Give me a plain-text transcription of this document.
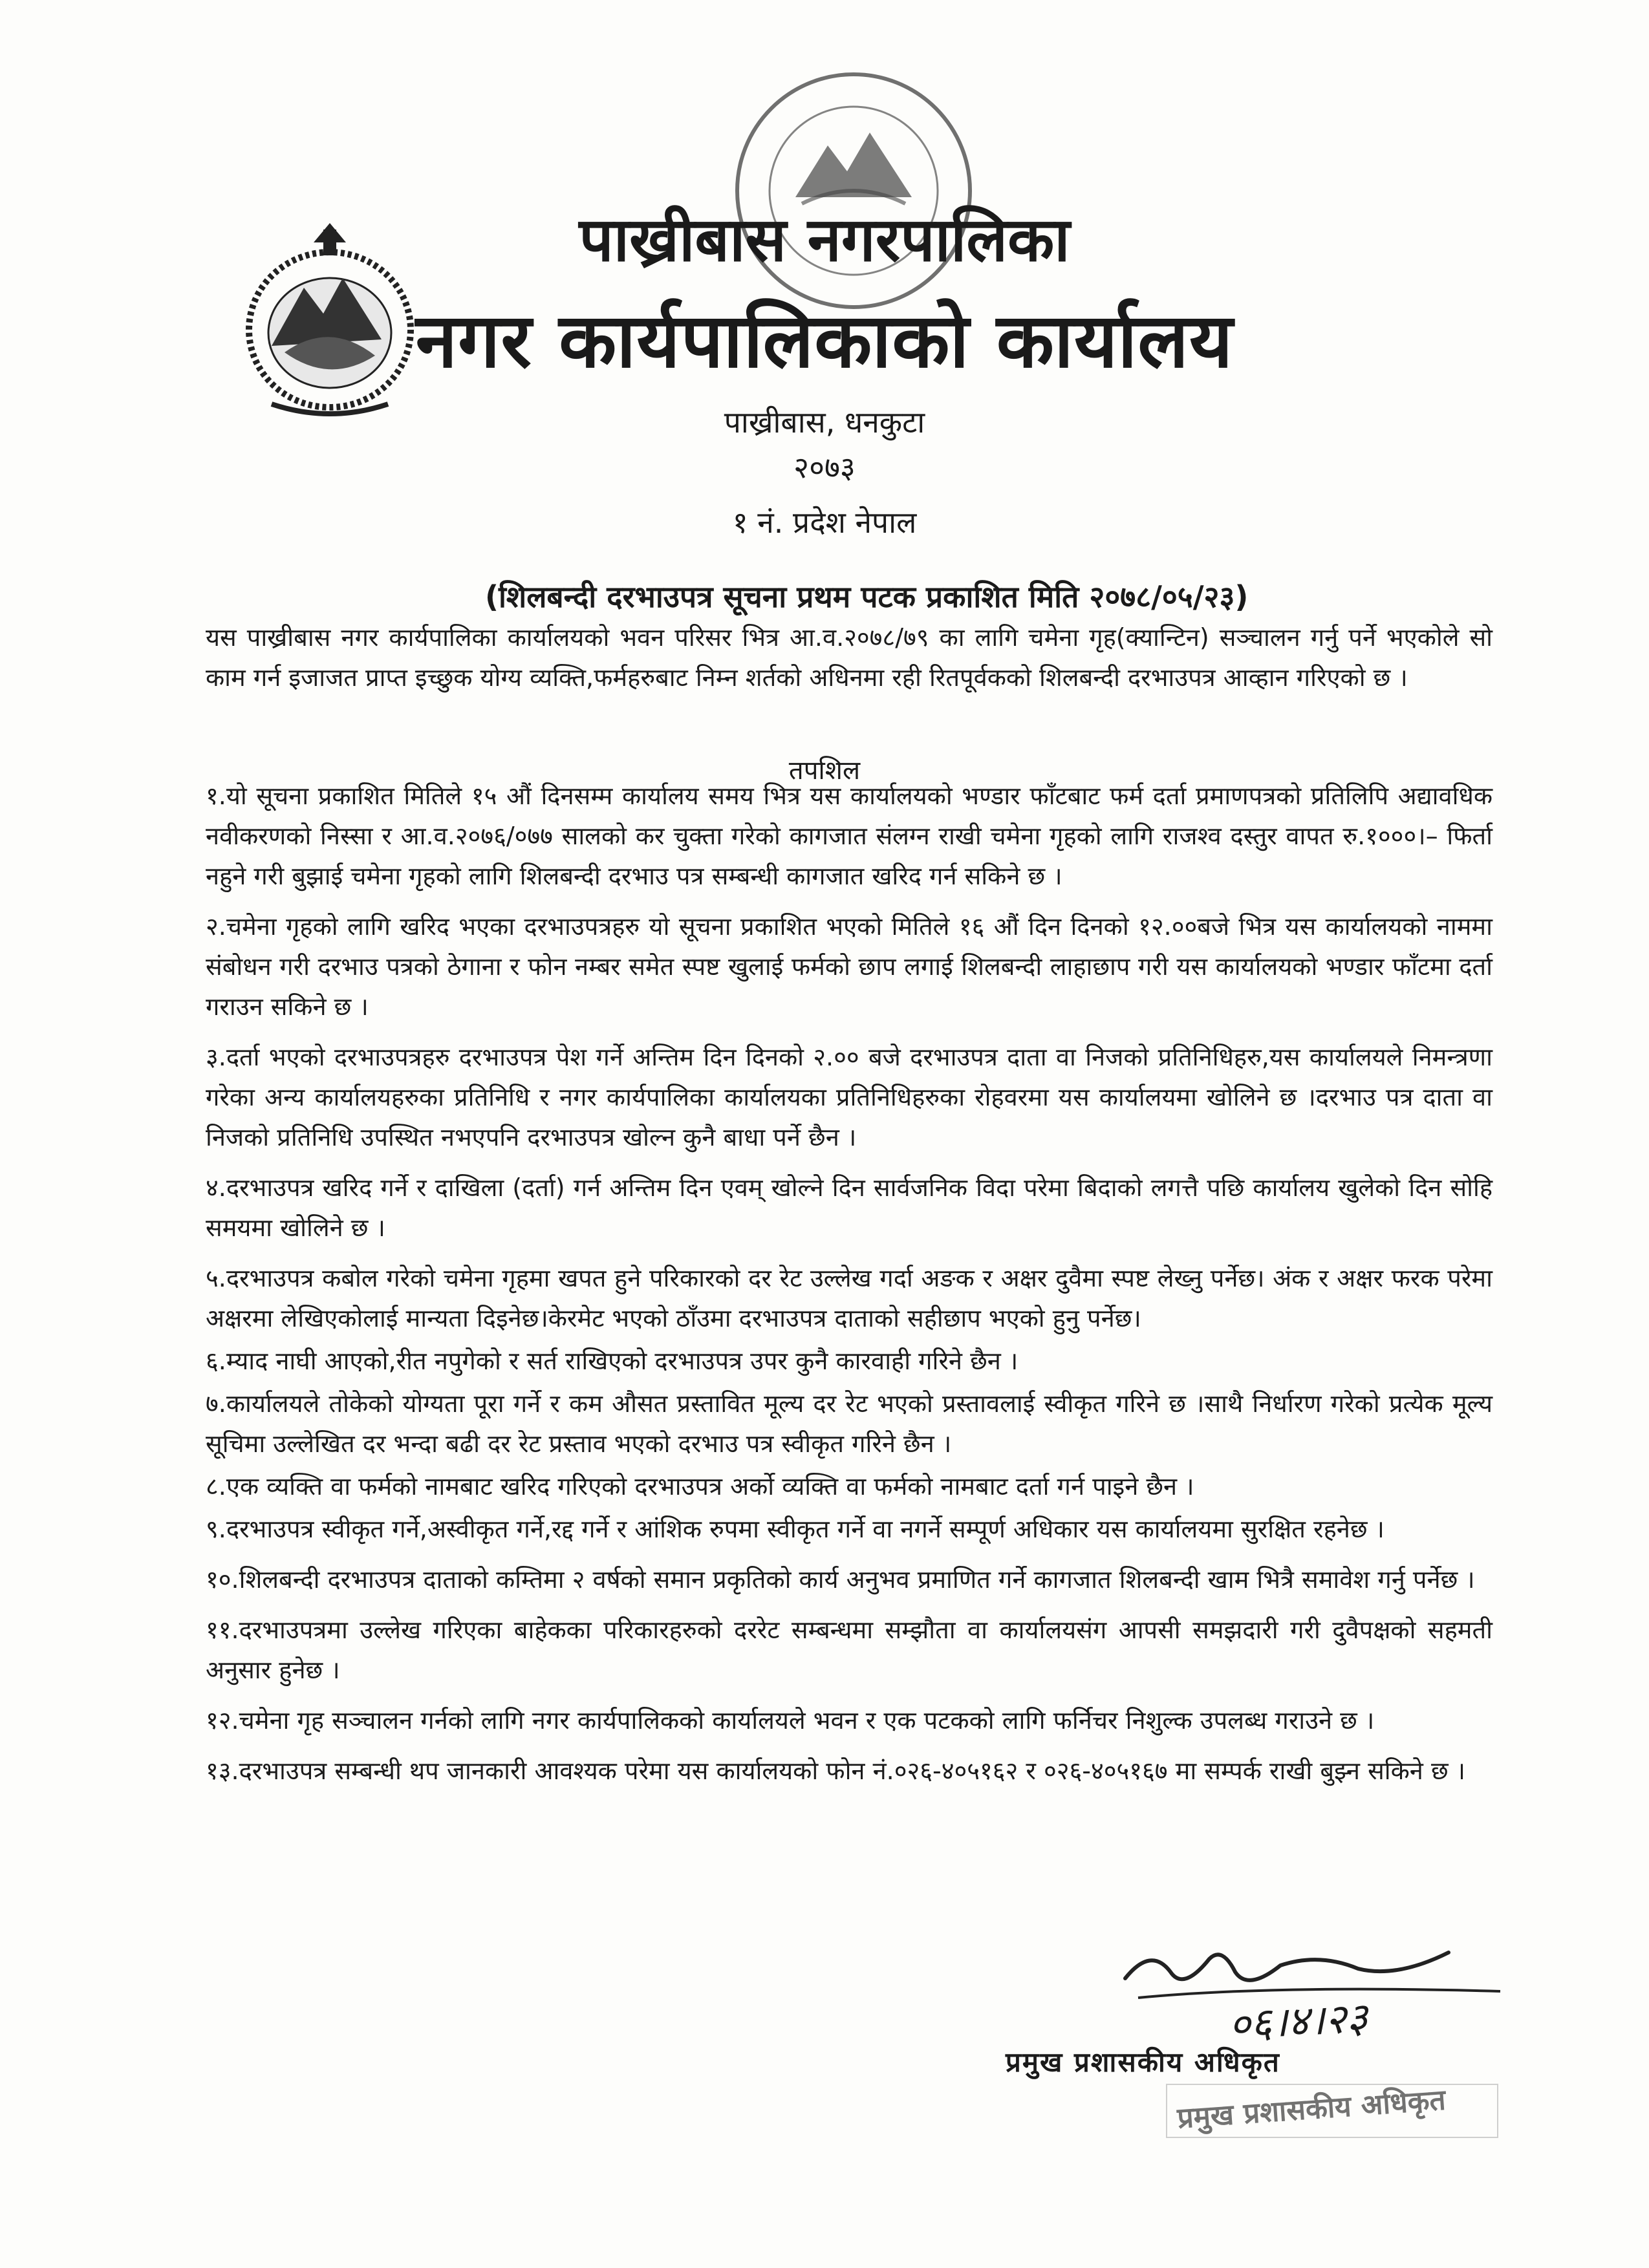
पाख्रीबास नगरपालिका
नगर कार्यपालिकाको कार्यालय
पाख्रीबास, धनकुटा
२०७३
१ नं. प्रदेश नेपाल
(शिलबन्दी दरभाउपत्र सूचना प्रथम पटक प्रकाशित मिति २०७८/०५/२३)
यस पाख्रीबास नगर कार्यपालिका कार्यालयको भवन परिसर भित्र आ.व.२०७८/७९ का लागि चमेना गृह(क्यान्टिन) सञ्चालन गर्नु पर्ने भएकोले सो काम गर्न इजाजत प्राप्त इच्छुक योग्य व्यक्ति,फर्महरुबाट निम्न शर्तको अधिनमा रही रितपूर्वकको शिलबन्दी दरभाउपत्र आव्हान गरिएको छ ।
तपशिल
१.यो सूचना प्रकाशित मितिले १५ औं दिनसम्म कार्यालय समय भित्र यस कार्यालयको भण्डार फाँटबाट फर्म दर्ता प्रमाणपत्रको प्रतिलिपि अद्यावधिक नवीकरणको निस्सा र आ.व.२०७६/०७७ सालको कर चुक्ता गरेको कागजात संलग्न राखी चमेना गृहको लागि राजश्व दस्तुर वापत रु.१०००।– फिर्ता नहुने गरी बुझाई चमेना गृहको लागि शिलबन्दी दरभाउ पत्र सम्बन्धी कागजात खरिद गर्न सकिने छ ।
२.चमेना गृहको लागि खरिद भएका दरभाउपत्रहरु यो सूचना प्रकाशित भएको मितिले १६ औं दिन दिनको १२.००बजे भित्र यस कार्यालयको नाममा संबोधन गरी दरभाउ पत्रको ठेगाना र फोन नम्बर समेत स्पष्ट खुलाई फर्मको छाप लगाई शिलबन्दी लाहाछाप गरी यस कार्यालयको भण्डार फाँटमा दर्ता गराउन सकिने छ ।
३.दर्ता भएको दरभाउपत्रहरु दरभाउपत्र पेश गर्ने अन्तिम दिन दिनको २.०० बजे दरभाउपत्र दाता वा निजको प्रतिनिधिहरु,यस कार्यालयले निमन्त्रणा गरेका अन्य कार्यालयहरुका प्रतिनिधि र नगर कार्यपालिका कार्यालयका प्रतिनिधिहरुका रोहवरमा यस कार्यालयमा खोलिने छ ।दरभाउ पत्र दाता वा निजको प्रतिनिधि उपस्थित नभएपनि दरभाउपत्र खोल्न कुनै बाधा पर्ने छैन ।
४.दरभाउपत्र खरिद गर्ने र दाखिला (दर्ता) गर्न अन्तिम दिन एवम् खोल्ने दिन सार्वजनिक विदा परेमा बिदाको लगत्तै पछि कार्यालय खुलेको दिन सोहि समयमा खोलिने छ ।
५.दरभाउपत्र कबोल गरेको चमेना गृहमा खपत हुने परिकारको दर रेट उल्लेख गर्दा अङक र अक्षर दुवैमा स्पष्ट लेख्नु पर्नेछ। अंक र अक्षर फरक परेमा अक्षरमा लेखिएकोलाई मान्यता दिइनेछ।केरमेट भएको ठाँउमा दरभाउपत्र दाताको सहीछाप भएको हुनु पर्नेछ।
६.म्याद नाघी आएको,रीत नपुगेको र सर्त राखिएको दरभाउपत्र उपर कुनै कारवाही गरिने छैन ।
७.कार्यालयले तोकेको योग्यता पूरा गर्ने र कम औसत प्रस्तावित मूल्य दर रेट भएको प्रस्तावलाई स्वीकृत गरिने छ ।साथै निर्धारण गरेको प्रत्येक मूल्य सूचिमा उल्लेखित दर भन्दा बढी दर रेट प्रस्ताव भएको दरभाउ पत्र स्वीकृत गरिने छैन ।
८.एक व्यक्ति वा फर्मको नामबाट खरिद गरिएको दरभाउपत्र अर्को व्यक्ति वा फर्मको नामबाट दर्ता गर्न पाइने छैन ।
९.दरभाउपत्र स्वीकृत गर्ने,अस्वीकृत गर्ने,रद्द गर्ने र आंशिक रुपमा स्वीकृत गर्ने वा नगर्ने सम्पूर्ण अधिकार यस कार्यालयमा सुरक्षित रहनेछ ।
१०.शिलबन्दी दरभाउपत्र दाताको कम्तिमा २ वर्षको समान प्रकृतिको कार्य अनुभव प्रमाणित गर्ने कागजात शिलबन्दी खाम भित्रै समावेश गर्नु पर्नेछ ।
११.दरभाउपत्रमा उल्लेख गरिएका बाहेकका परिकारहरुको दररेट सम्बन्धमा सम्झौता वा कार्यालयसंग आपसी समझदारी गरी दुवैपक्षको सहमती अनुसार हुनेछ ।
१२.चमेना गृह सञ्चालन गर्नको लागि नगर कार्यपालिकको कार्यालयले भवन र एक पटकको लागि फर्निचर निशुल्क उपलब्ध गराउने छ ।
१३.दरभाउपत्र सम्बन्धी थप जानकारी आवश्यक परेमा यस कार्यालयको फोन नं.०२६-४०५१६२ र ०२६-४०५१६७ मा सम्पर्क राखी बुझ्न सकिने छ ।
०६।४।२३
प्रमुख प्रशासकीय अधिकृत
प्रमुख प्रशासकीय अधिकृत
